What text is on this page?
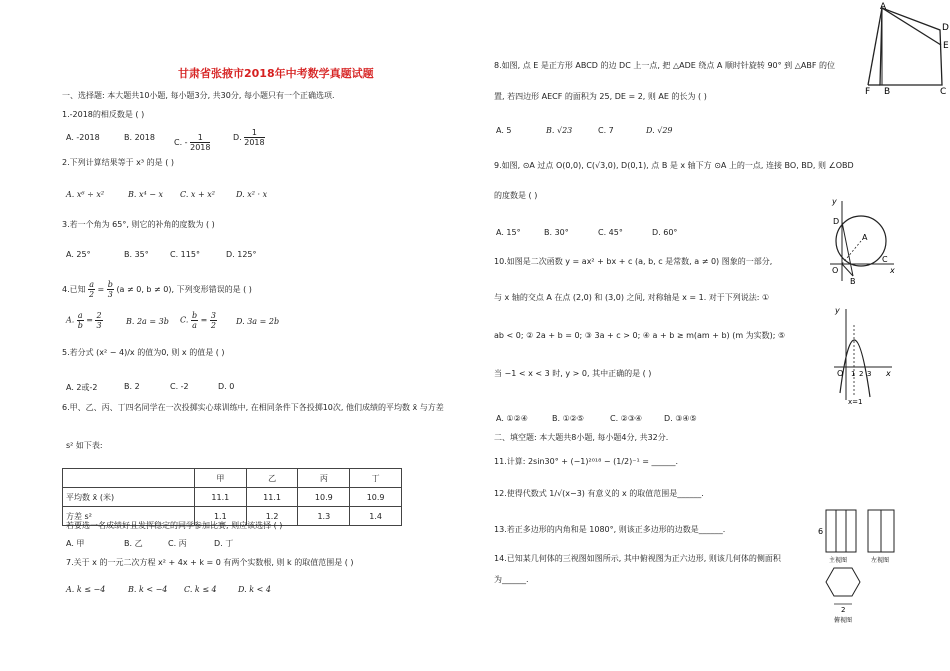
甘肃省张掖市2018年中考数学真题试题
一、选择题: 本大题共10小题, 每小题3分, 共30分, 每小题只有一个正确选项.
1.-2018的相反数是 ( )
A. -2018	B. 2018
C. - $\frac{1}{2018}$	D. $\frac{1}{2018}$
2.下列计算结果等于 x³ 的是 ( )
A. x⁶ ÷ x²	B. x⁴ − x C. x + x²	D. x² · x
3.若一个角为 65°, 则它的补角的度数为 ( )
A. 25°	B. 35°	C. 115°	D. 125°
4.已知 $\frac{a}{2} = \frac{b}{3} (a \ne 0$, b ≠ 0), 下列变形错误的是 ( )
A. $\frac{a}{b} = \frac{2}{3}$	B. 2a = 3b C. $\frac{b}{a} = \frac{3}{2} D$. 3a = 2b
5.若分式 (x² − 4)/x 的值为0, 则 x 的值是 ( )
A. 2或-2	B. 2	C. -2	D. 0
6.甲、乙、丙、丁四名同学在一次投掷实心球训练中, 在相同条件下各投掷10次, 他们成绩的平均数 x̄ 与方差
s² 如下表:
	甲	乙	丙	丁
平均数 x̄ (米)	11.1	11.1	10.9	10.9
方差 s²	1.1	1.2	1.3	1.4
若要选一名成绩好且发挥稳定的同学参加比赛, 则应该选择 ( )
A. 甲	B. 乙	C. 丙	D. 丁
7.关于 x 的一元二次方程 x² + 4x + k = 0 有两个实数根, 则 k 的取值范围是 ( )
A. k ≤ −4	B. k < −4 C. k ≤ 4	D. k < 4
8.如图, 点 E 是正方形 ABCD 的边 DC 上一点, 把 △ADE 绕点 A 顺时针旋转 90° 到 △ABF 的位
置, 若四边形 AECF 的面积为 25, DE = 2, 则 AE 的长为 ( )
A. 5	B. √23	C. 7	D. √29
A
D
E
F B	C
9.如图, ⊙A 过点 O(0,0), C(√3,0), D(0,1), 点 B 是 x 轴下方 ⊙A 上的一点, 连接 BO, BD, 则 ∠OBD
的度数是 ( )
A. 15°	B. 30°	C. 45°	D. 60°
y
D
A
O
C
x
B
10.如图是二次函数 y = ax² + bx + c (a, b, c 是常数, a ≠ 0) 图象的一部分,
与 x 轴的交点 A 在点 (2,0) 和 (3,0) 之间, 对称轴是 x = 1. 对于下列说法: ①
ab < 0; ② 2a + b = 0; ③ 3a + c > 0; ④ a + b ≥ m(am + b) (m 为实数); ⑤
当 −1 < x < 3 时, y > 0, 其中正确的是 ( )
A. ①②④	B. ①②⑤	C. ②③④	D. ③④⑤
y
O 1 2 3 x
x=1
二、填空题: 本大题共8小题, 每小题4分, 共32分.
11.计算: 2sin30° + (−1)²⁰¹⁸ − (1/2)⁻¹ = ______.
12.使得代数式 1/√(x−3) 有意义的 x 的取值范围是______.
13.若正多边形的内角和是 1080°, 则该正多边形的边数是______.
14.已知某几何体的三视图如图所示, 其中俯视图为正六边形, 则该几何体的侧面积
为______.
6
主视图	左视图
2
俯视图
